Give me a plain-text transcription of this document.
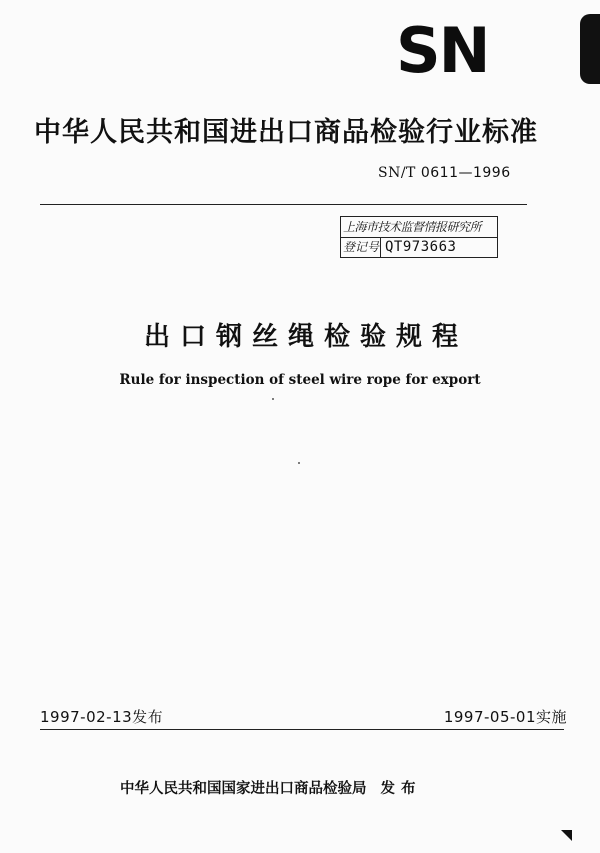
SN
中华人民共和国进出口商品检验行业标准
SN/T 0611—1996
上海市技术监督情报研究所
登记号 QT973663
出口钢丝绳检验规程
Rule for inspection of steel wire rope for export
1997-02-13发布	1997-05-01实施
中华人民共和国国家进出口商品检验局 发布
